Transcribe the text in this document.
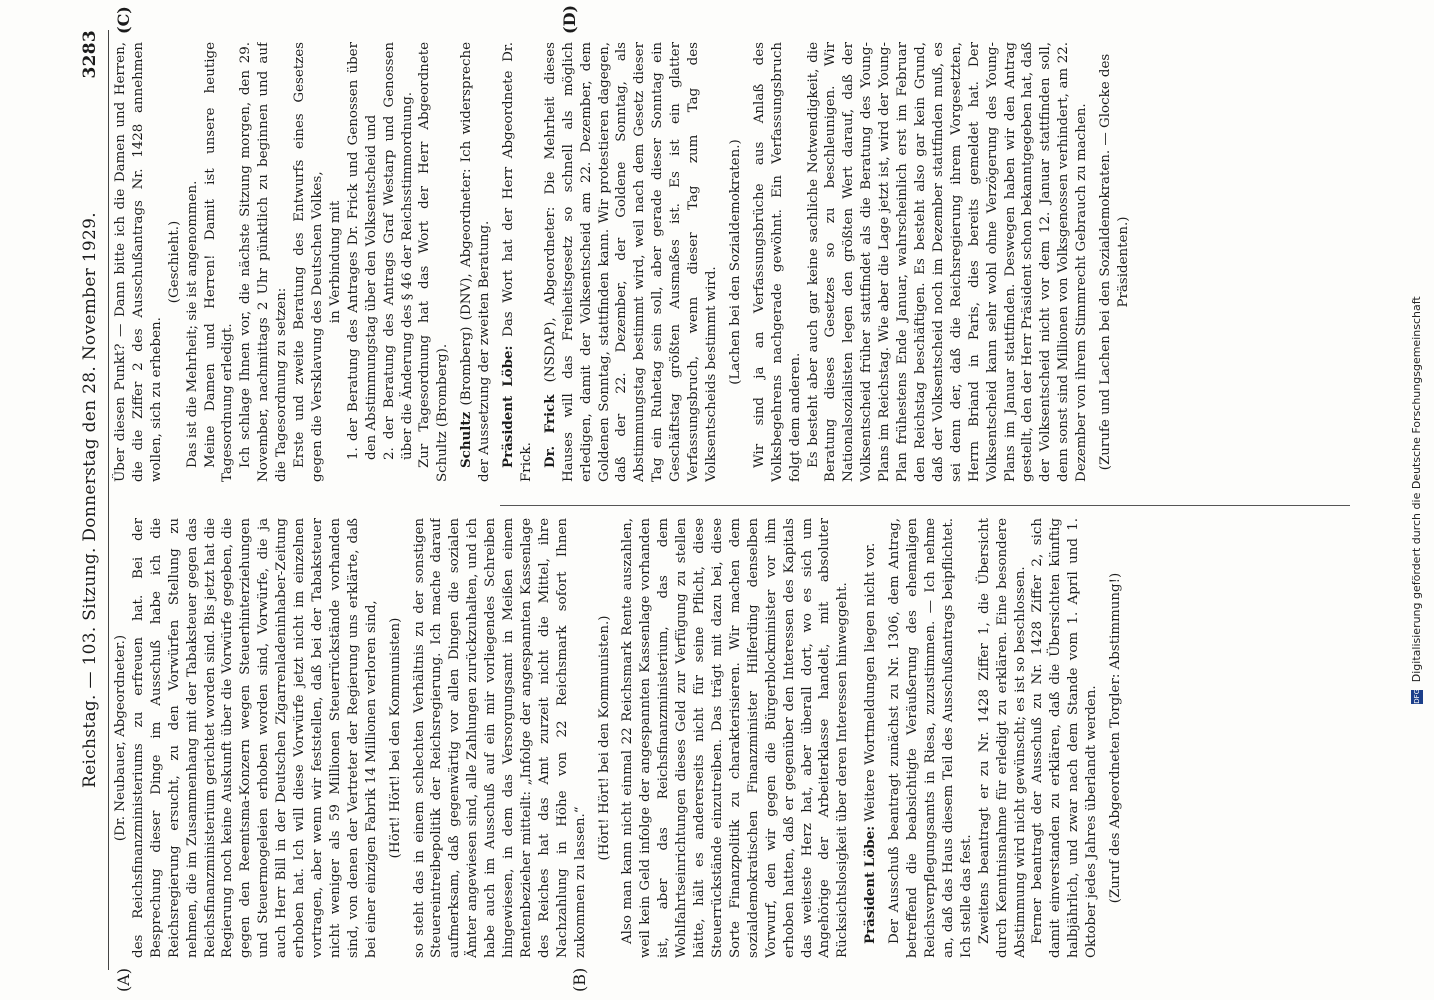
Reichstag. — 103. Sitzung. Donnerstag den 28. November 1929.
3283
(A)	(B)
(C)	(D)

(Dr. Neubauer, Abgeordneter.) des Reichsfinanzministeriums zu erfreuen hat. Bei der Besprechung dieser Dinge im Ausschuß habe ich die Reichsregierung ersucht, zu den Vorwürfen Stellung zu nehmen, die im Zusammenhang mit der Tabaksteuer gegen das Reichsfinanzministerium gerichtet worden sind. Bis jetzt hat die Regierung noch keine Auskunft über die Vorwürfe gegeben, die gegen den Reemtsma-Konzern wegen Steuerhinterziehungen und Steuermogeleien erhoben worden sind, Vorwürfe, die ja auch Herr Bill in der Deutschen Zigarrenladeninhaber-Zeitung erhoben hat. Ich will diese Vorwürfe jetzt nicht im einzelnen vortragen, aber wenn wir feststellen, daß bei der Tabaksteuer nicht weniger als 59 Millionen Steuerrückstände vorhanden sind, von denen der Vertreter der Regierung uns erklärte, daß bei einer einzigen Fabrik 14 Millionen verloren sind, (Hört! Hört! bei den Kommunisten) so steht das in einem schlechten Verhältnis zu der sonstigen Steuereintreibepolitik der Reichsregierung. Ich mache darauf aufmerksam, daß gegenwärtig vor allen Dingen die sozialen Ämter angewiesen sind, alle Zahlungen zurückzuhalten, und ich habe auch im Ausschuß auf ein mir vorliegendes Schreiben hingewiesen, in dem das Versorgungsamt in Meißen einem Rentenbezieher mitteilt: „Infolge der angespannten Kassenlage des Reiches hat das Amt zurzeit nicht die Mittel, ihre Nachzahlung in Höhe von 22 Reichsmark sofort Ihnen zukommen zu lassen.“

(Hört! Hört! bei den Kommunisten.) Also man kann nicht einmal 22 Reichsmark Rente auszahlen, weil kein Geld infolge der angespannten Kassenlage vorhanden ist, aber das Reichsfinanzministerium, das dem Wohlfahrtseinrichtungen dieses Geld zur Verfügung zu stellen hätte, hält es andererseits nicht für seine Pflicht, diese Steuerrückstände einzutreiben. Das trägt mit dazu bei, diese Sorte Finanzpolitik zu charakterisieren. Wir machen dem sozialdemokratischen Finanzminister Hilferding denselben Vorwurf, den wir gegen die Bürgerblockminister vor ihm erhoben hatten, daß er gegenüber den Interessen des Kapitals das weiteste Herz hat, aber überall dort, wo es sich um Angehörige der Arbeiterklasse handelt, mit absoluter Rücksichtslosigkeit über deren Interessen hinweggeht. Präsident Löbe: Weitere Wortmeldungen liegen nicht vor. Der Ausschuß beantragt zunächst zu Nr. 1306, dem Antrag, betreffend die beabsichtigte Veräußerung des ehemaligen Reichsverpflegungsamts in Riesa, zuzustimmen. — Ich nehme an, daß das Haus diesem Teil des Ausschußantrags beipflichtet. Ich stelle das fest. Zweitens beantragt er zu Nr. 1428 Ziffer 1, die Übersicht durch Kenntnisnahme für erledigt zu erklären. Eine besondere Abstimmung wird nicht gewünscht; es ist so beschlossen. Ferner beantragt der Ausschuß zu Nr. 1428 Ziffer 2, sich damit einverstanden zu erklären, daß die Übersichten künftig halbjährlich, und zwar nach dem Stande vom 1. April und 1. Oktober jedes Jahres überlandt werden. (Zuruf des Abgeordneten Torgler: Abstimmung!)

Über diesen Punkt? — Dann bitte ich die Damen und Herren, die die Ziffer 2 des Ausschußantrags Nr. 1428 annehmen wollen, sich zu erheben.

(Geschieht.) Das ist die Mehrheit; sie ist angenommen. Meine Damen und Herren! Damit ist unsere heutige Tagesordnung erledigt. Ich schlage Ihnen vor, die nächste Sitzung morgen, den 29. November, nachmittags 2 Uhr pünktlich zu beginnen und auf die Tagesordnung zu setzen: Erste und zweite Beratung des Entwurfs eines Gesetzes gegen die Versklavung des Deutschen Volkes, in Verbindung mit 1. der Beratung des Antrages Dr. Frick und Genossen über den Abstimmungstag über den Volksentscheid und 2. der Beratung des Antrags Graf Westarp und Genossen über die Änderung des § 46 der Reichsstimmordnung. Zur Tagesordnung hat das Wort der Herr Abgeordnete Schultz (Bromberg). Schultz (Bromberg) (DNV), Abgeordneter: Ich widerspreche der Aussetzung der zweiten Beratung. Präsident Löbe: Das Wort hat der Herr Abgeordnete Dr. Frick. Dr. Frick (NSDAP), Abgeordneter: Die Mehrheit dieses Hauses will das Freiheitsgesetz so schnell als möglich erledigen, damit der Volksentscheid am 22. Dezember, dem Goldenen Sonntag, stattfinden kann. Wir protestieren dagegen, daß der 22. Dezember, der Goldene Sonntag, als Abstimmungstag bestimmt wird, weil nach dem Gesetz dieser Tag ein Ruhetag sein soll, aber gerade dieser Sonntag ein Geschäftstag größten Ausmaßes ist. Es ist ein glatter Verfassungsbruch, wenn dieser Tag zum Tag des Volksentscheids bestimmt wird. (Lachen bei den Sozialdemokraten.) Wir sind ja an Verfassungsbrüche aus Anlaß des Volksbegehrens nachgerade gewöhnt. Ein Verfassungsbruch folgt dem anderen. Es besteht aber auch gar keine sachliche Notwendigkeit, die Beratung dieses Gesetzes so zu beschleunigen. Wir Nationalsozialisten legen den größten Wert darauf, daß der Volksentscheid früher stattfindet als die Beratung des Young-Plans im Reichstag. Wie aber die Lage jetzt ist, wird der Young-Plan frühestens Ende Januar, wahrscheinlich erst im Februar den Reichstag beschäftigen. Es besteht also gar kein Grund, daß der Volksentscheid noch im Dezember stattfinden muß, es sei denn der, daß die Reichsregierung ihrem Vorgesetzten, Herrn Briand in Paris, dies bereits gemeldet hat. Der Volksentscheid kann sehr wohl ohne Verzögerung des Young-Plans im Januar stattfinden. Deswegen haben wir den Antrag gestellt, den der Herr Präsident schon bekanntgegeben hat, daß der Volksentscheid nicht vor dem 12. Januar stattfinden soll, denn sonst sind Millionen von Volksgenossen verhindert, am 22. Dezember von ihrem Stimmrecht Gebrauch zu machen. (Zurufe und Lachen bei den Sozialdemokraten. — Glocke des Präsidenten.)

DFG Digitalisierung gefördert durch die Deutsche Forschungsgemeinschaft
